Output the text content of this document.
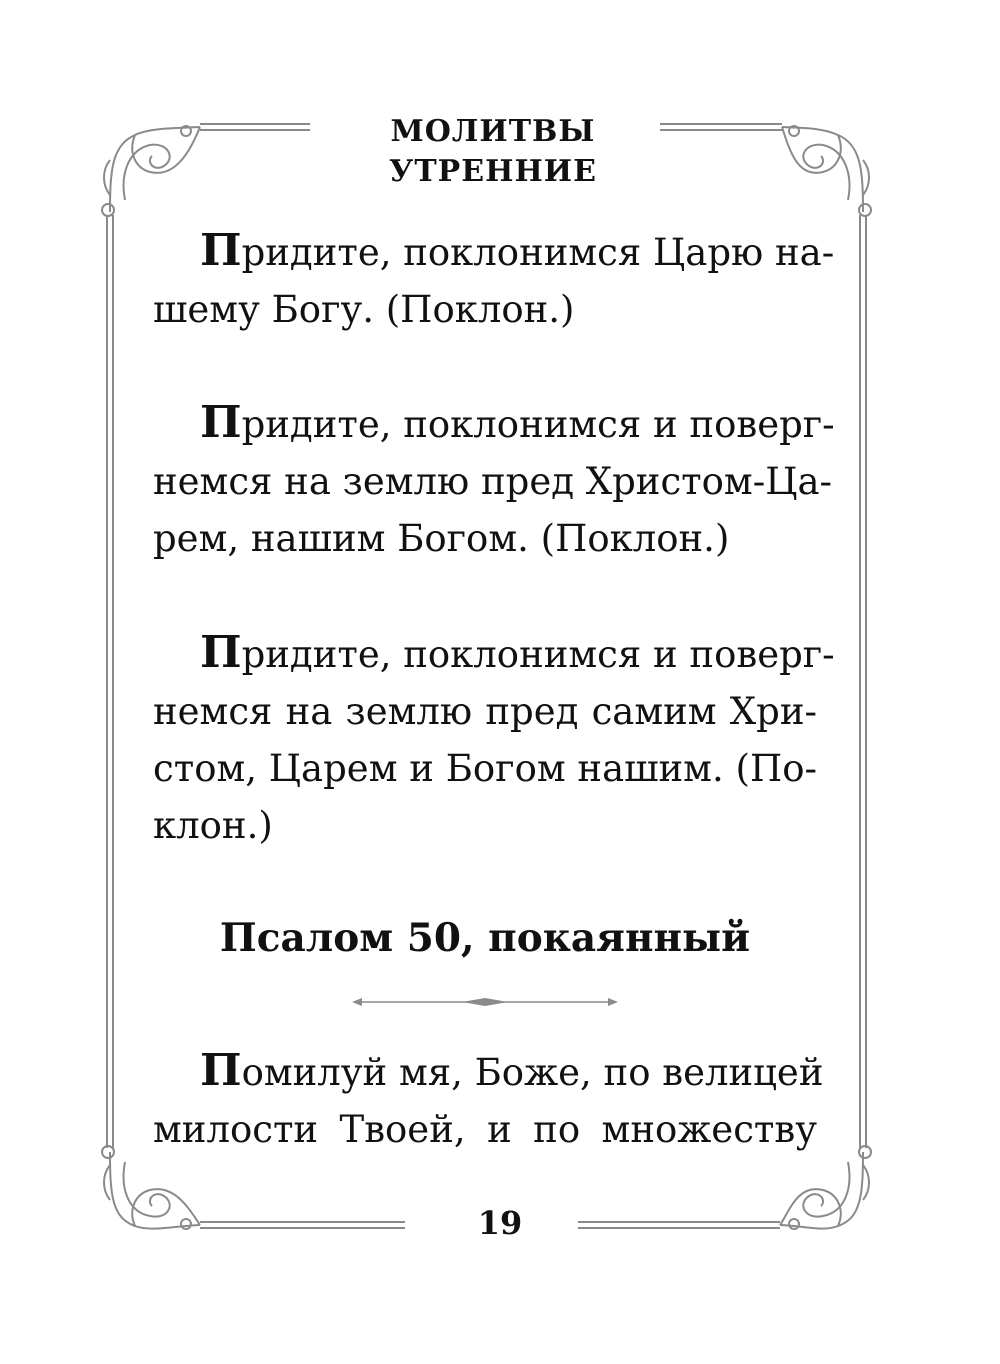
МОЛИТВЫ УТРЕННИЕ
Придите, поклонимся Царю на-
шему Богу. (Поклон.)
Придите, поклонимся и поверг-
немся на землю пред Христом-Ца-
рем, нашим Богом. (Поклон.)
Придите, поклонимся и поверг-
немся на землю пред самим Хри-
стом, Царем и Богом нашим. (По-
клон.)
Псалом 50, покаянный
Помилуй мя, Боже, по велицей
милости Твоей, и по множеству
19
